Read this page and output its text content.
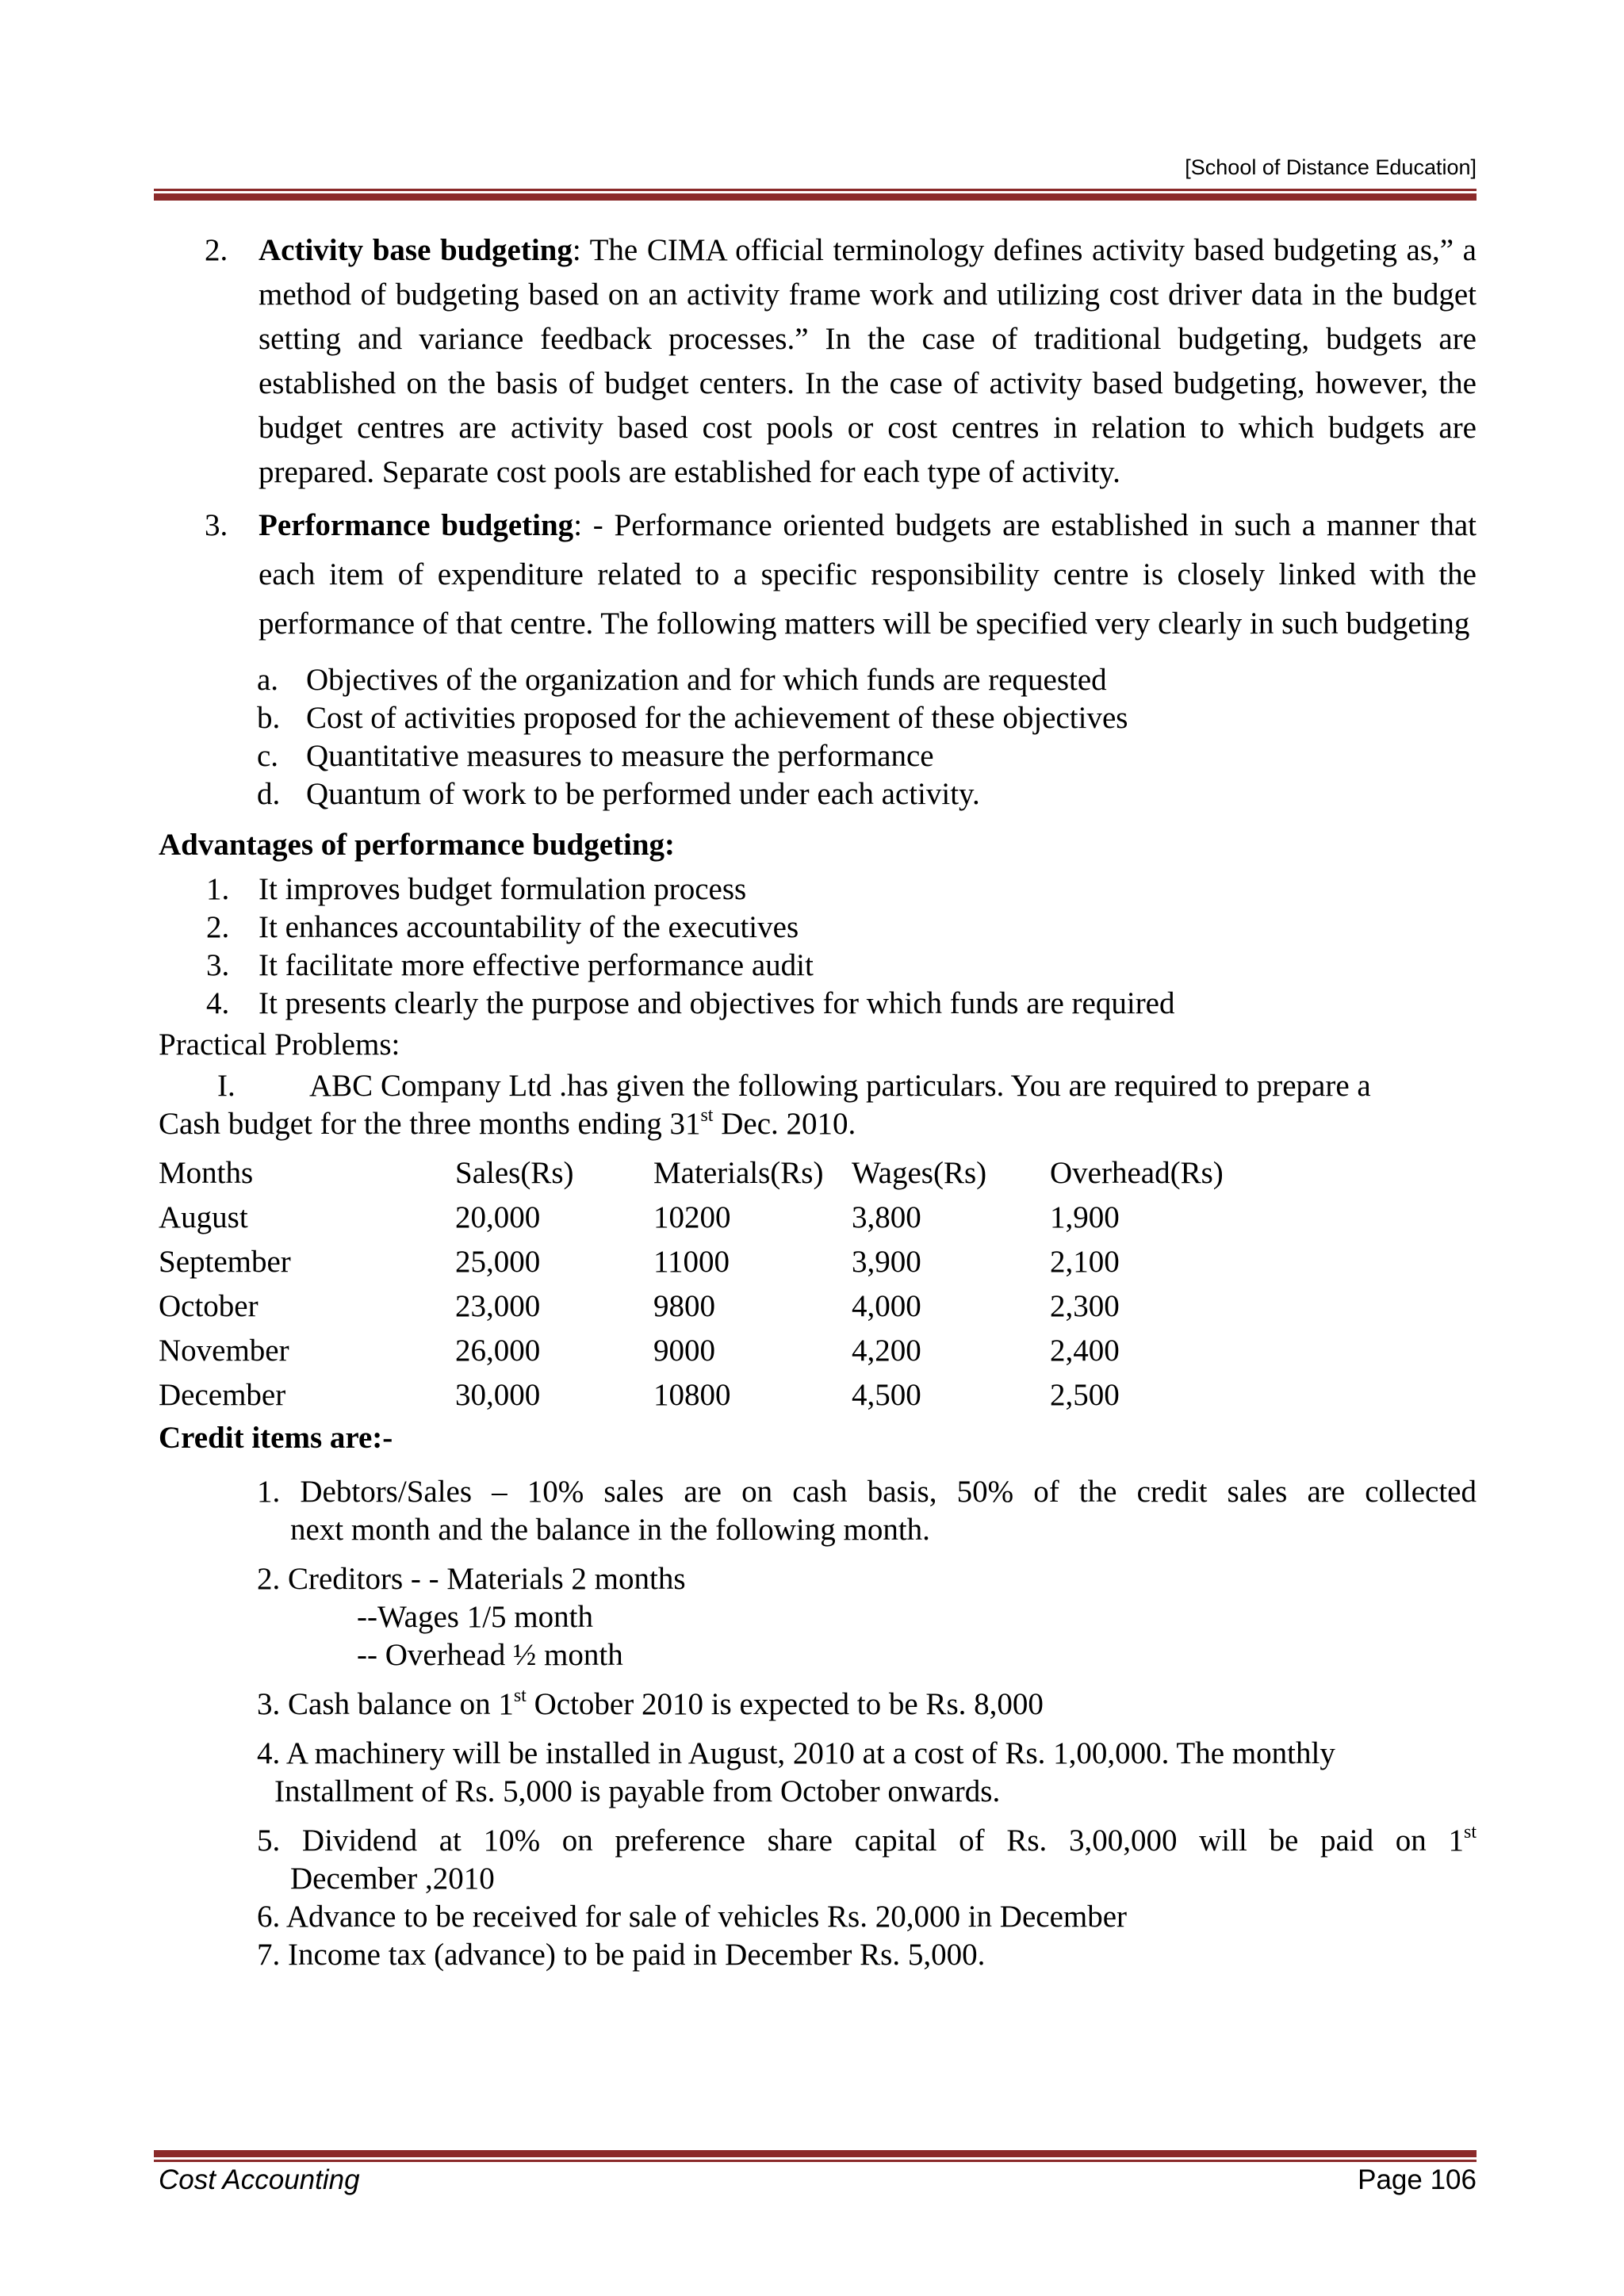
[School of Distance Education]
2. Activity base budgeting: The CIMA official terminology defines activity based budgeting as,” a method of budgeting based on an activity frame work and utilizing cost driver data in the budget setting and variance feedback processes.” In the case of traditional budgeting, budgets are established on the basis of budget centers. In the case of activity based budgeting, however, the budget centres are activity based cost pools or cost centres in relation to which budgets are prepared. Separate cost pools are established for each type of activity.

3. Performance budgeting: - Performance oriented budgets are established in such a manner that each item of expenditure related to a specific responsibility centre is closely linked with the performance of that centre. The following matters will be specified very clearly in such budgeting

a. Objectives of the organization and for which funds are requested
b. Cost of activities proposed for the achievement of these objectives
c. Quantitative measures to measure the performance
d. Quantum of work to be performed under each activity.
Advantages of performance budgeting:
1. It improves budget formulation process
2. It enhances accountability of the executives
3. It facilitate more effective performance audit
4. It presents clearly the purpose and objectives for which funds are required
Practical Problems:
I.	ABC Company Ltd .has given the following particulars. You are required to prepare a
Cash budget for the three months ending 31st Dec. 2010.
Months	Sales(Rs)	Materials(Rs)	Wages(Rs)	Overhead(Rs)
August	20,000	10200	3,800	1,900
September	25,000	11000	3,900	2,100
October	23,000	9800	4,000	2,300
November	26,000	9000	4,200	2,400
December	30,000	10800	4,500	2,500
Credit items are:-
1. Debtors/Sales – 10% sales are on cash basis, 50% of the credit sales are collected
next month and the balance in the following month.
2. Creditors - - Materials 2 months
--Wages 1/5 month
-- Overhead ½ month
3. Cash balance on 1st October 2010 is expected to be Rs. 8,000
4. A machinery will be installed in August, 2010 at a cost of Rs. 1,00,000. The monthly
Installment of Rs. 5,000 is payable from October onwards.
5. Dividend at 10% on preference share capital of Rs. 3,00,000 will be paid on 1st
December ,2010
6. Advance to be received for sale of vehicles Rs. 20,000 in December
7. Income tax (advance) to be paid in December Rs. 5,000.
Cost Accounting	Page 106
